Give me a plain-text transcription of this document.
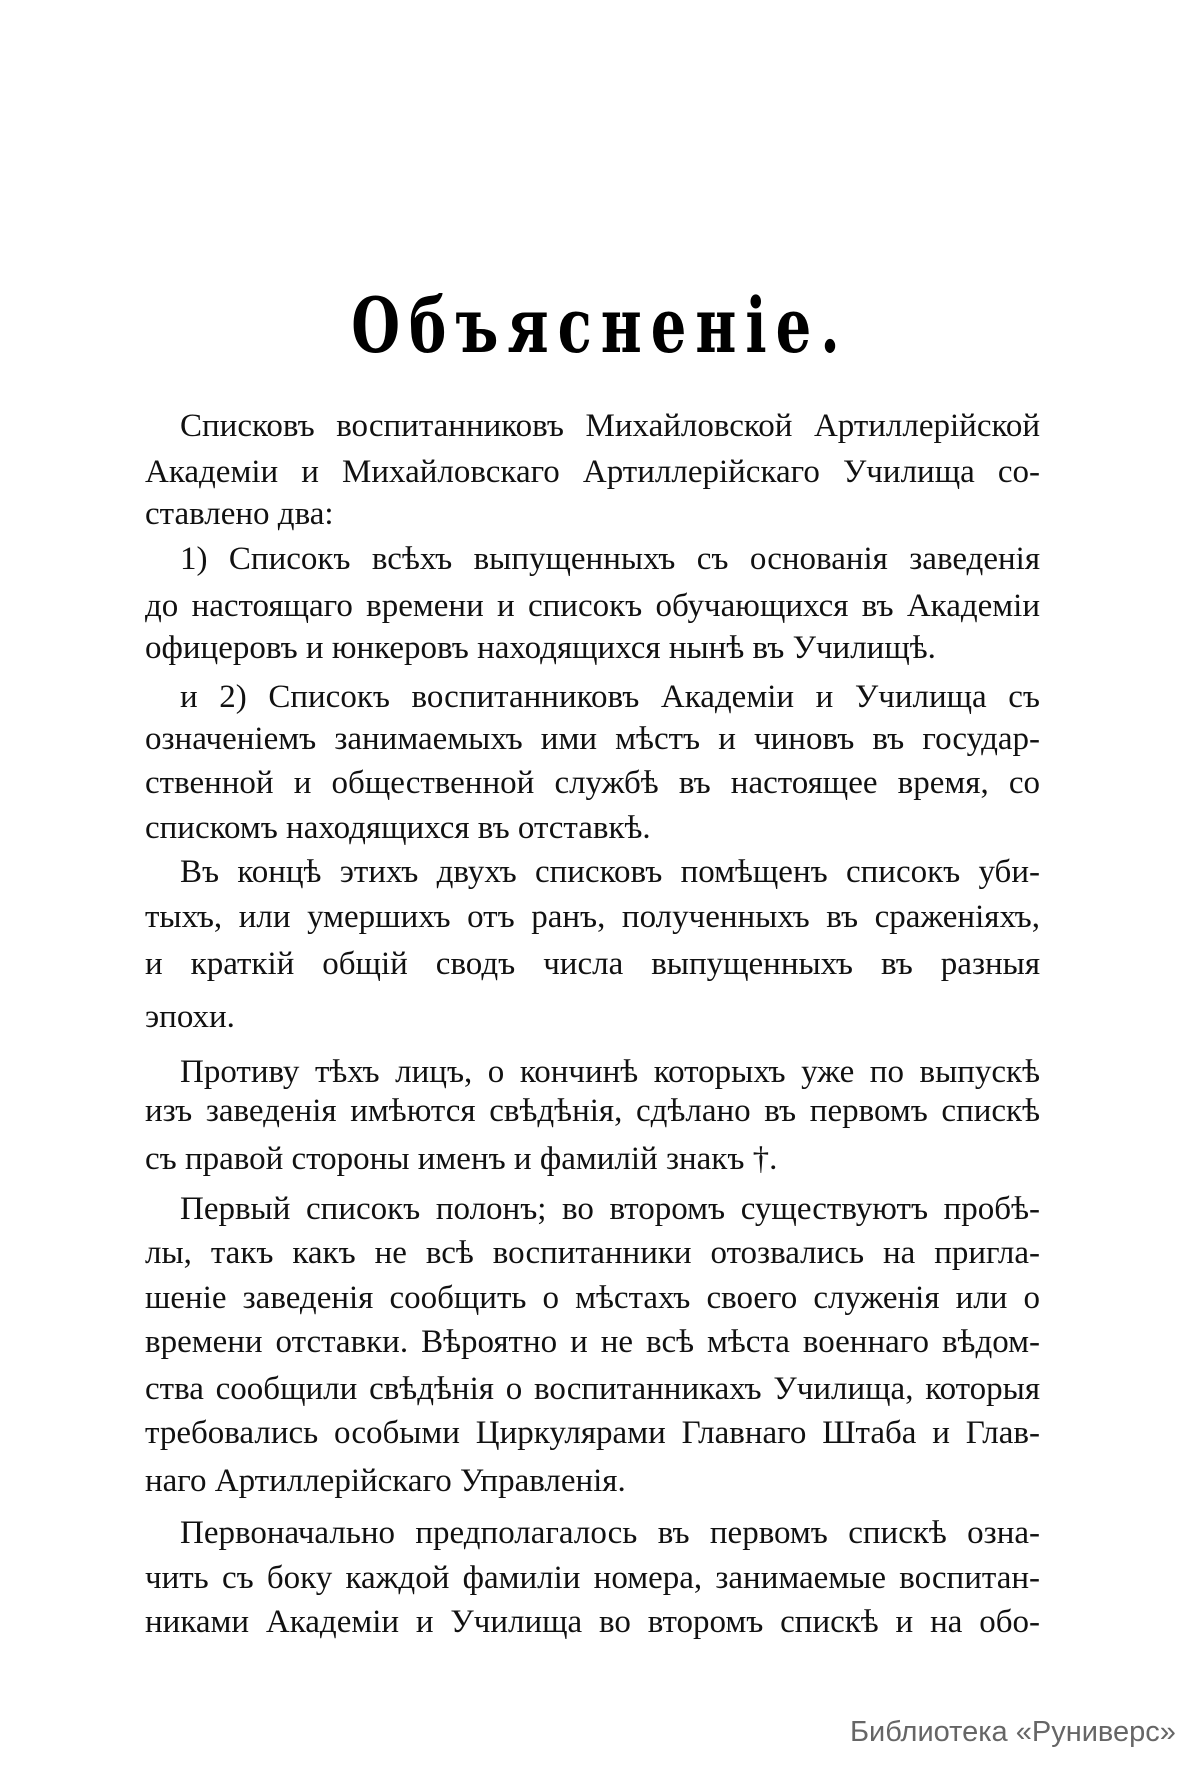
Объясненіе.
Списковъ воспитанниковъ Михайловской Артиллерійской
Академіи и Михайловскаго Артиллерійскаго Училища со-
ставлено два:
1) Списокъ всѣхъ выпущенныхъ съ основанія заведенія
до настоящаго времени и списокъ обучающихся въ Академіи
офицеровъ и юнкеровъ находящихся нынѣ въ Училищѣ.
и 2) Списокъ воспитанниковъ Академіи и Училища съ
означеніемъ занимаемыхъ ими мѣстъ и чиновъ въ государ-
ственной и общественной службѣ въ настоящее время, со
спискомъ находящихся въ отставкѣ.
Въ концѣ этихъ двухъ списковъ помѣщенъ списокъ уби-
тыхъ, или умершихъ отъ ранъ, полученныхъ въ сраженіяхъ,
и краткій общій сводъ числа выпущенныхъ въ разныя
эпохи.
Противу тѣхъ лицъ, о кончинѣ которыхъ уже по выпускѣ
изъ заведенія имѣются свѣдѣнія, сдѣлано въ первомъ спискѣ
съ правой стороны именъ и фамилій знакъ †.
Первый списокъ полонъ; во второмъ существуютъ пробѣ-
лы, такъ какъ не всѣ воспитанники отозвались на пригла-
шеніе заведенія сообщить о мѣстахъ своего служенія или о
времени отставки. Вѣроятно и не всѣ мѣста военнаго вѣдом-
ства сообщили свѣдѣнія о воспитанникахъ Училища, которыя
требовались особыми Циркулярами Главнаго Штаба и Глав-
наго Артиллерійскаго Управленія.
Первоначально предполагалось въ первомъ спискѣ озна-
чить съ боку каждой фамиліи номера, занимаемые воспитан-
никами Академіи и Училища во второмъ спискѣ и на обо-
Библиотека «Руниверс»
